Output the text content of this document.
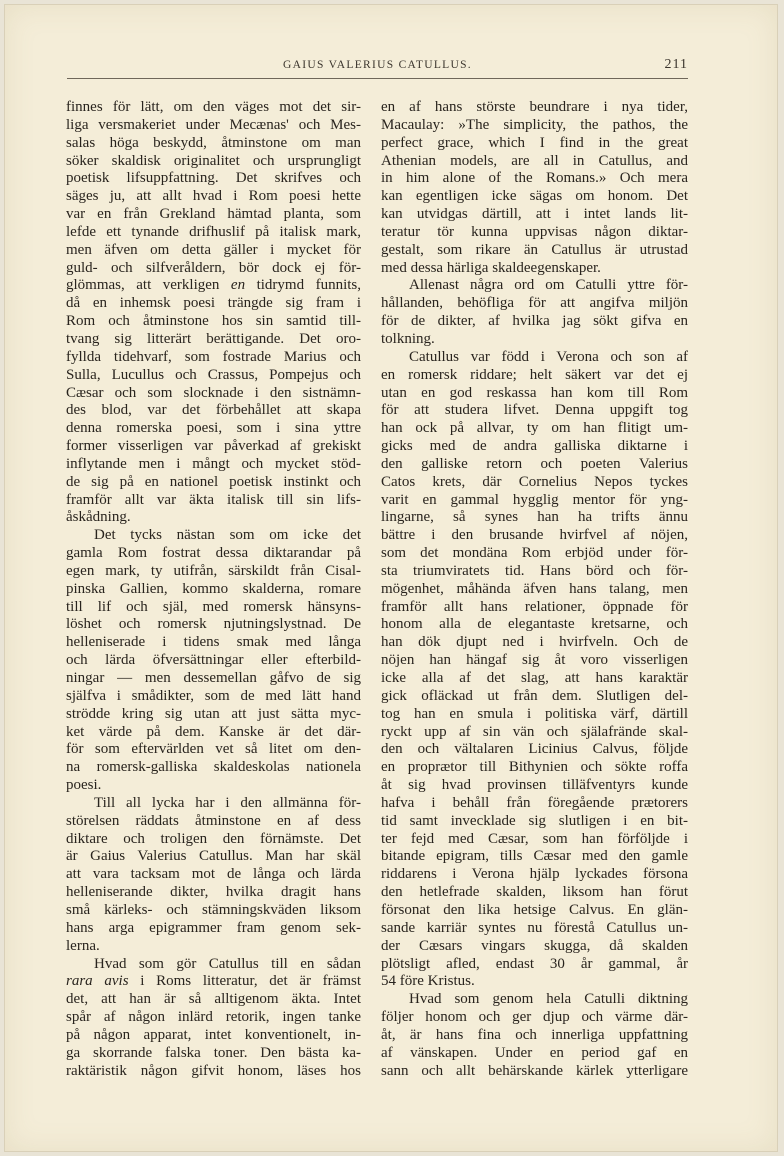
GAIUS VALERIUS CATULLUS.	211
finnes för lätt, om den väges mot det sir-
liga versmakeriet under Mecænas' och Mes-
salas höga beskydd, åtminstone om man
söker skaldisk originalitet och ursprungligt
poetisk lifsuppfattning. Det skrifves och
säges ju, att allt hvad i Rom poesi hette
var en från Grekland hämtad planta, som
lefde ett tynande drifhuslif på italisk mark,
men äfven om detta gäller i mycket för
guld- och silfveråldern, bör dock ej för-
glömmas, att verkligen en tidrymd funnits,
då en inhemsk poesi trängde sig fram i
Rom och åtminstone hos sin samtid till-
tvang sig litterärt berättigande. Det oro-
fyllda tidehvarf, som fostrade Marius och
Sulla, Lucullus och Crassus, Pompejus och
Cæsar och som slocknade i den sistnämn-
des blod, var det förbehållet att skapa
denna romerska poesi, som i sina yttre
former visserligen var påverkad af grekiskt
inflytande men i mångt och mycket stöd-
de sig på en nationel poetisk instinkt och
framför allt var äkta italisk till sin lifs-
åskådning.
Det tycks nästan som om icke det
gamla Rom fostrat dessa diktarandar på
egen mark, ty utifrån, särskildt från Cisal-
pinska Gallien, kommo skalderna, romare
till lif och själ, med romersk hänsyns-
löshet och romersk njutningslystnad. De
helleniserade i tidens smak med långa
och lärda öfversättningar eller efterbild-
ningar — men dessemellan gåfvo de sig
själfva i smådikter, som de med lätt hand
strödde kring sig utan att just sätta myc-
ket värde på dem. Kanske är det där-
för som eftervärlden vet så litet om den-
na romersk-galliska skaldeskolas nationela
poesi.
Till all lycka har i den allmänna för-
störelsen räddats åtminstone en af dess
diktare och troligen den förnämste. Det
är Gaius Valerius Catullus. Man har skäl
att vara tacksam mot de långa och lärda
helleniserande dikter, hvilka dragit hans
små kärleks- och stämningskväden liksom
hans arga epigrammer fram genom sek-
lerna.
Hvad som gör Catullus till en sådan
rara avis i Roms litteratur, det är främst
det, att han är så alltigenom äkta. Intet
spår af någon inlärd retorik, ingen tanke
på någon apparat, intet konventionelt, in-
ga skorrande falska toner. Den bästa ka-
raktäristik någon gifvit honom, läses hos
en af hans störste beundrare i nya tider,
Macaulay: »The simplicity, the pathos, the
perfect grace, which I find in the great
Athenian models, are all in Catullus, and
in him alone of the Romans.» Och mera
kan egentligen icke sägas om honom. Det
kan utvidgas därtill, att i intet lands lit-
teratur tör kunna uppvisas någon diktar-
gestalt, som rikare än Catullus är utrustad
med dessa härliga skaldeegenskaper.
Allenast några ord om Catulli yttre för-
hållanden, behöfliga för att angifva miljön
för de dikter, af hvilka jag sökt gifva en
tolkning.
Catullus var född i Verona och son af
en romersk riddare; helt säkert var det ej
utan en god reskassa han kom till Rom
för att studera lifvet. Denna uppgift tog
han ock på allvar, ty om han flitigt um-
gicks med de andra galliska diktarne i
den galliske retorn och poeten Valerius
Catos krets, där Cornelius Nepos tyckes
varit en gammal hygglig mentor för yng-
lingarne, så synes han ha trifts ännu
bättre i den brusande hvirfvel af nöjen,
som det mondäna Rom erbjöd under för-
sta triumviratets tid. Hans börd och för-
mögenhet, måhända äfven hans talang, men
framför allt hans relationer, öppnade för
honom alla de elegantaste kretsarne, och
han dök djupt ned i hvirfveln. Och de
nöjen han hängaf sig åt voro visserligen
icke alla af det slag, att hans karaktär
gick ofläckad ut från dem. Slutligen del-
tog han en smula i politiska värf, därtill
ryckt upp af sin vän och själafrände skal-
den och vältalaren Licinius Calvus, följde
en proprætor till Bithynien och sökte roffa
åt sig hvad provinsen tilläfventyrs kunde
hafva i behåll från föregående prætorers
tid samt invecklade sig slutligen i en bit-
ter fejd med Cæsar, som han förföljde i
bitande epigram, tills Cæsar med den gamle
riddarens i Verona hjälp lyckades försona
den hetlefrade skalden, liksom han förut
försonat den lika hetsige Calvus. En glän-
sande karriär syntes nu förestå Catullus un-
der Cæsars vingars skugga, då skalden
plötsligt afled, endast 30 år gammal, år
54 före Kristus.
Hvad som genom hela Catulli diktning
följer honom och ger djup och värme där-
åt, är hans fina och innerliga uppfattning
af vänskapen. Under en period gaf en
sann och allt behärskande kärlek ytterligare
